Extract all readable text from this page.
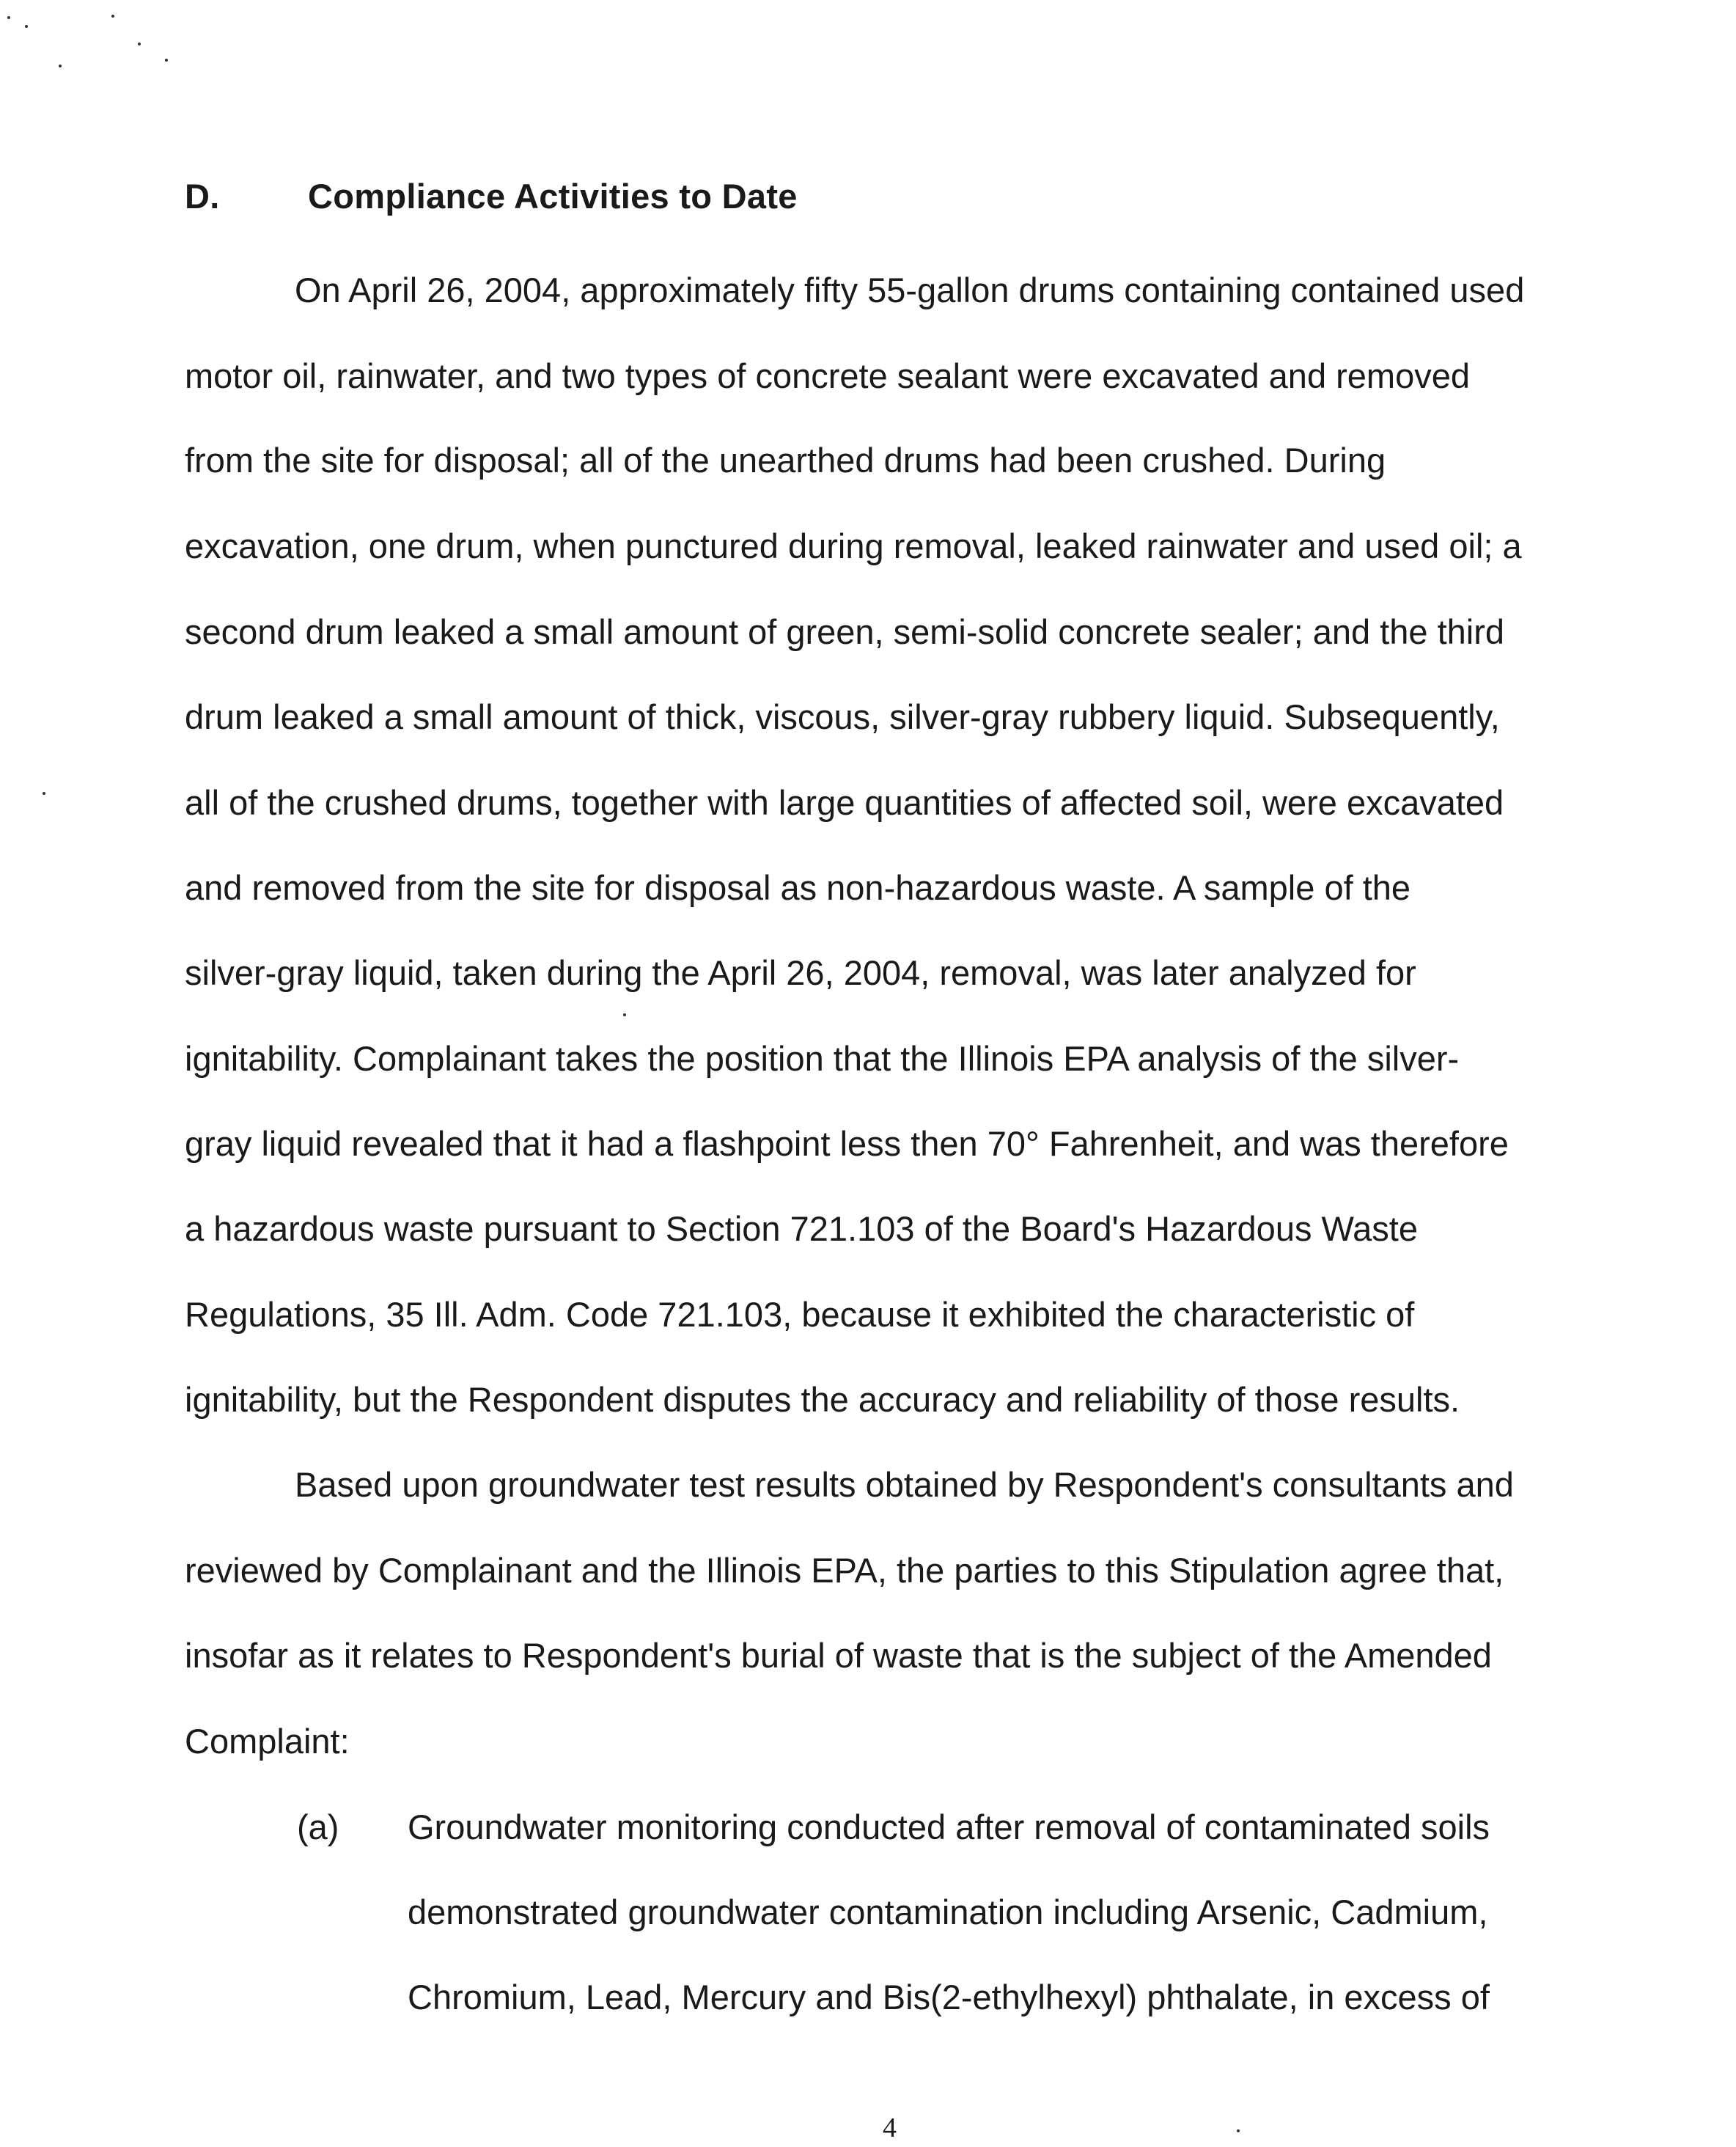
D.	Compliance Activities to Date
On April 26, 2004, approximately fifty 55-gallon drums containing contained used
motor oil, rainwater, and two types of concrete sealant were excavated and removed
from the site for disposal; all of the unearthed drums had been crushed. During
excavation, one drum, when punctured during removal, leaked rainwater and used oil; a
second drum leaked a small amount of green, semi-solid concrete sealer; and the third
drum leaked a small amount of thick, viscous, silver-gray rubbery liquid. Subsequently,
all of the crushed drums, together with large quantities of affected soil, were excavated
and removed from the site for disposal as non-hazardous waste. A sample of the
silver-gray liquid, taken during the April 26, 2004, removal, was later analyzed for
ignitability. Complainant takes the position that the Illinois EPA analysis of the silver-
gray liquid revealed that it had a flashpoint less then 70° Fahrenheit, and was therefore
a hazardous waste pursuant to Section 721.103 of the Board's Hazardous Waste
Regulations, 35 Ill. Adm. Code 721.103, because it exhibited the characteristic of
ignitability, but the Respondent disputes the accuracy and reliability of those results.
Based upon groundwater test results obtained by Respondent's consultants and
reviewed by Complainant and the Illinois EPA, the parties to this Stipulation agree that,
insofar as it relates to Respondent's burial of waste that is the subject of the Amended
Complaint:
(a) Groundwater monitoring conducted after removal of contaminated soils
demonstrated groundwater contamination including Arsenic, Cadmium,
Chromium, Lead, Mercury and Bis(2-ethylhexyl) phthalate, in excess of
4
